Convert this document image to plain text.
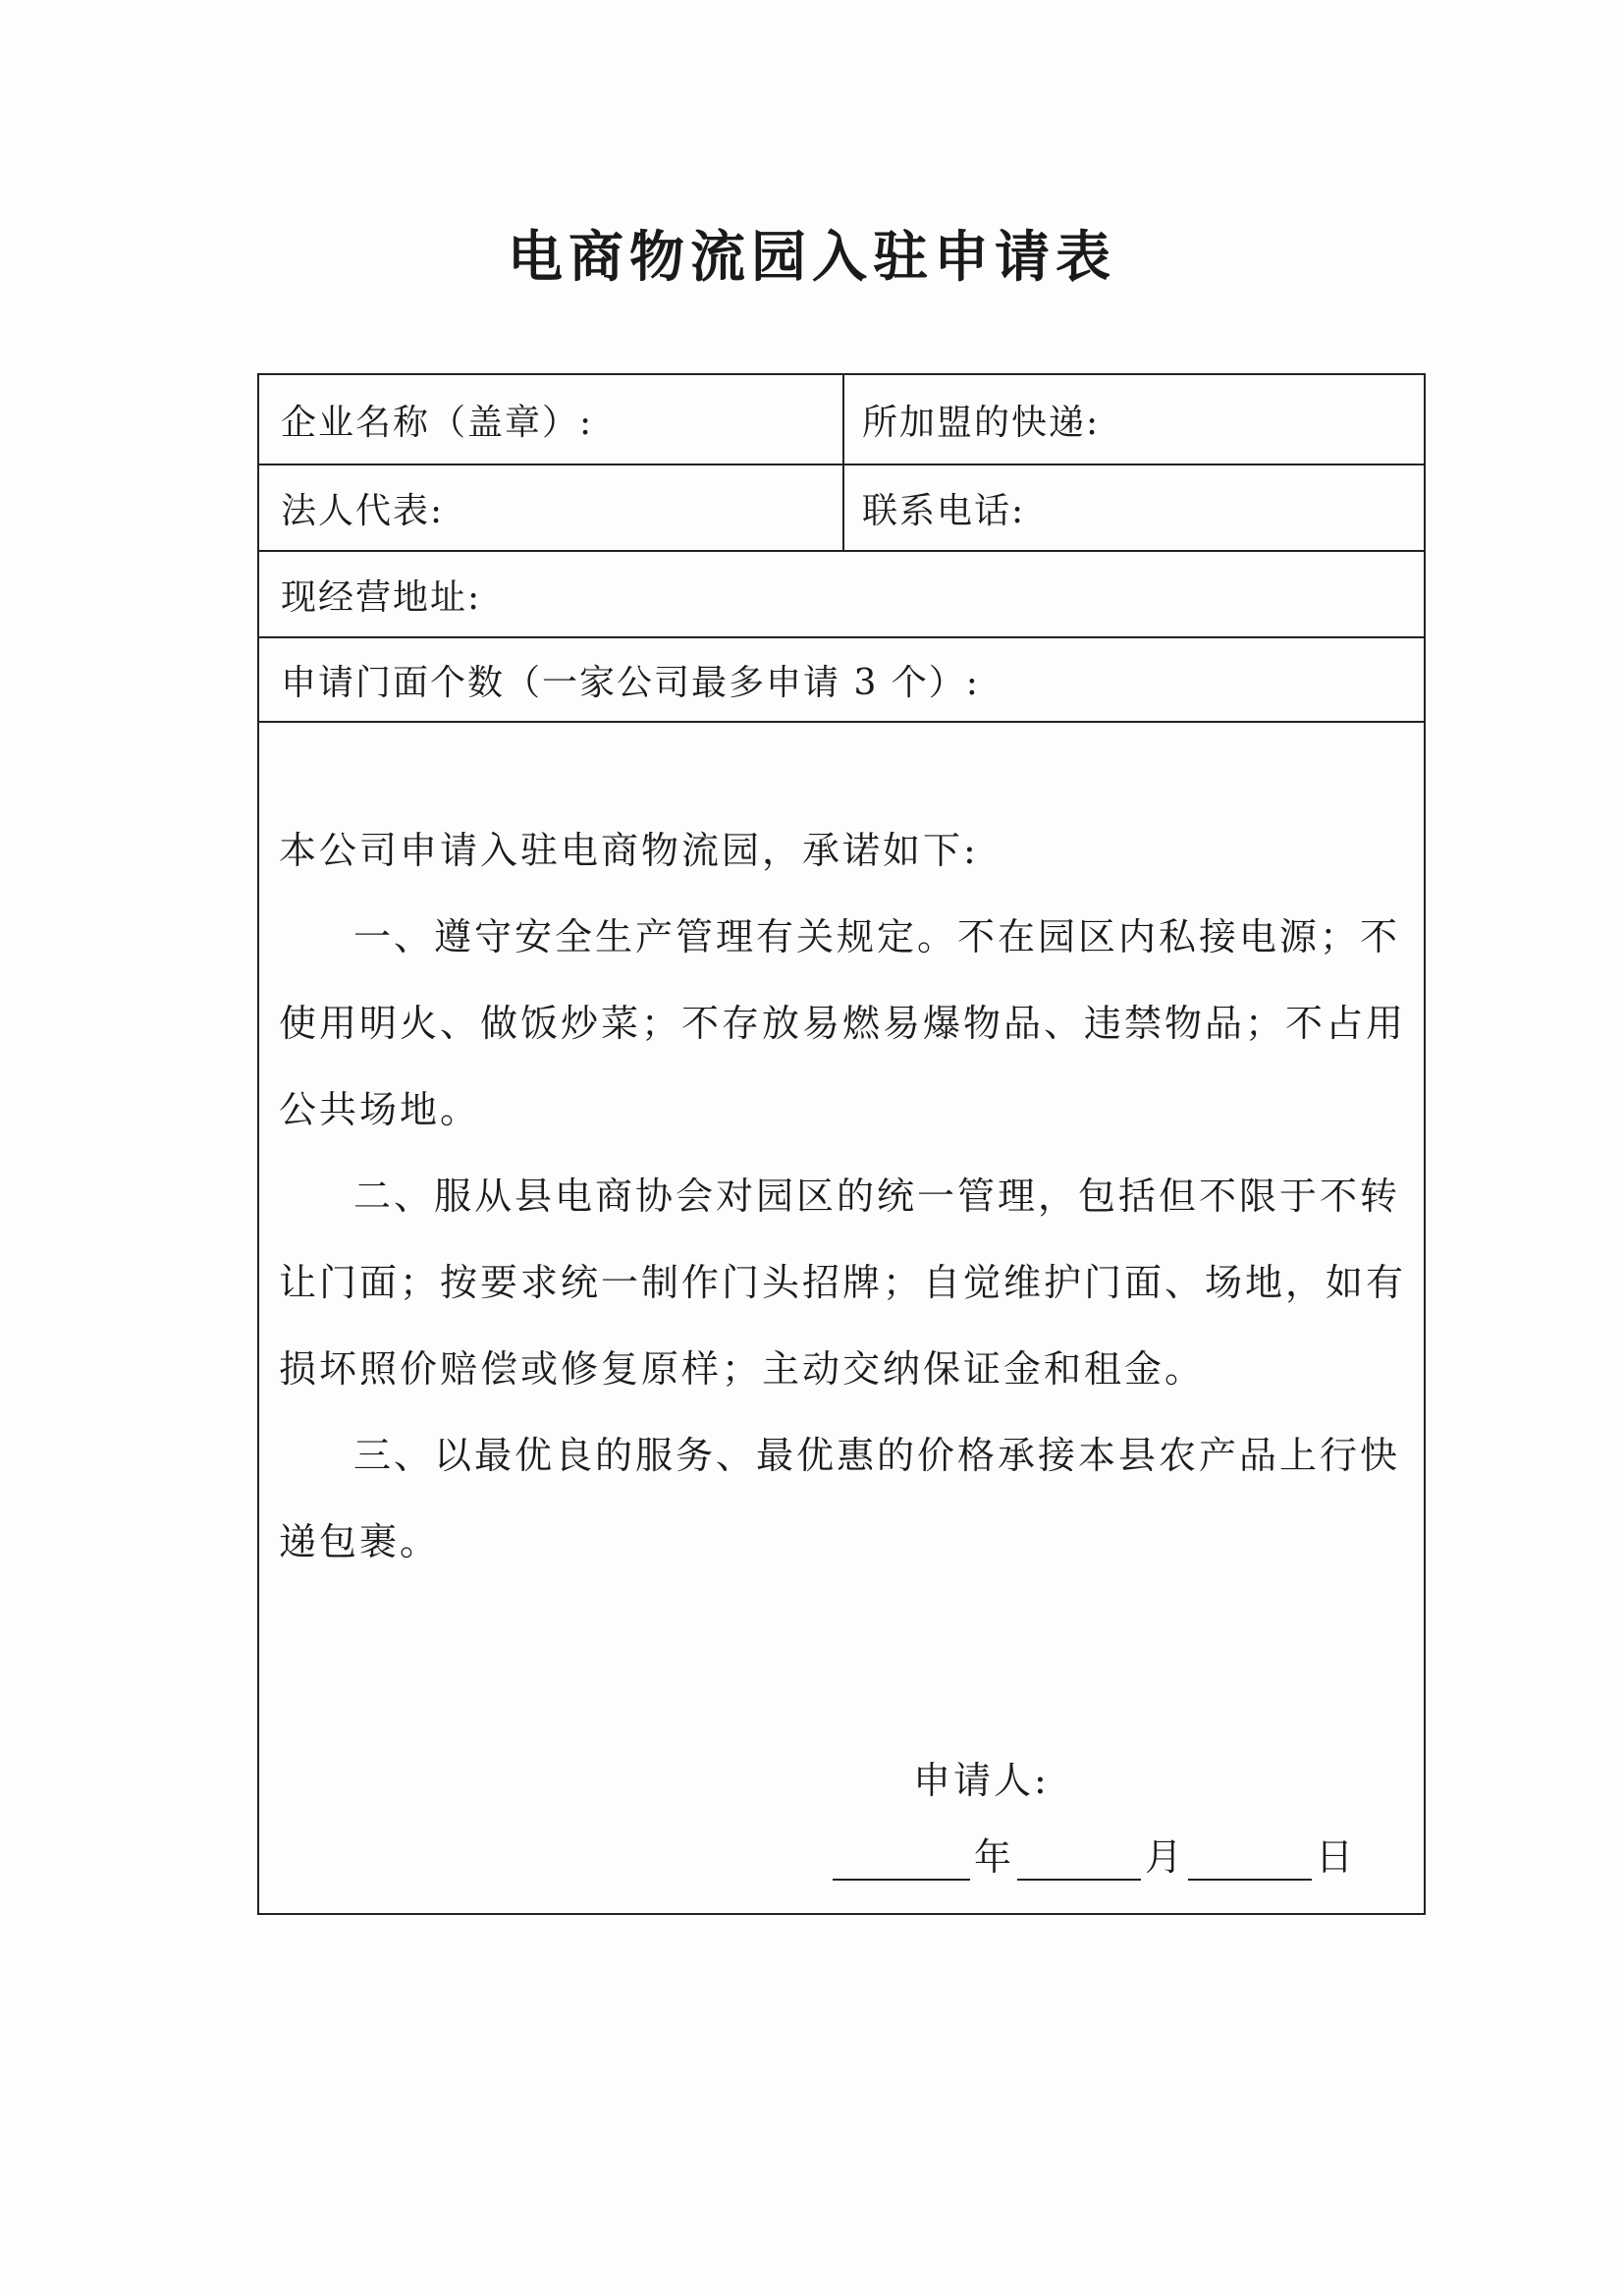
电商物流园入驻申请表
企业名称（盖章）:	所加盟的快递:
法人代表:	联系电话:
现经营地址:
申请门面个数（一家公司最多申请 3 个）:

本公司申请入驻电商物流园，承诺如下:

一、遵守安全生产管理有关规定。不在园区内私接电源；不使用明火、做饭炒菜；不存放易燃易爆物品、违禁物品；不占用公共场地。

二、服从县电商协会对园区的统一管理，包括但不限于不转让门面；按要求统一制作门头招牌；自觉维护门面、场地，如有损坏照价赔偿或修复原样；主动交纳保证金和租金。

三、以最优良的服务、最优惠的价格承接本县农产品上行快递包裹。

申请人:
年	月	日
